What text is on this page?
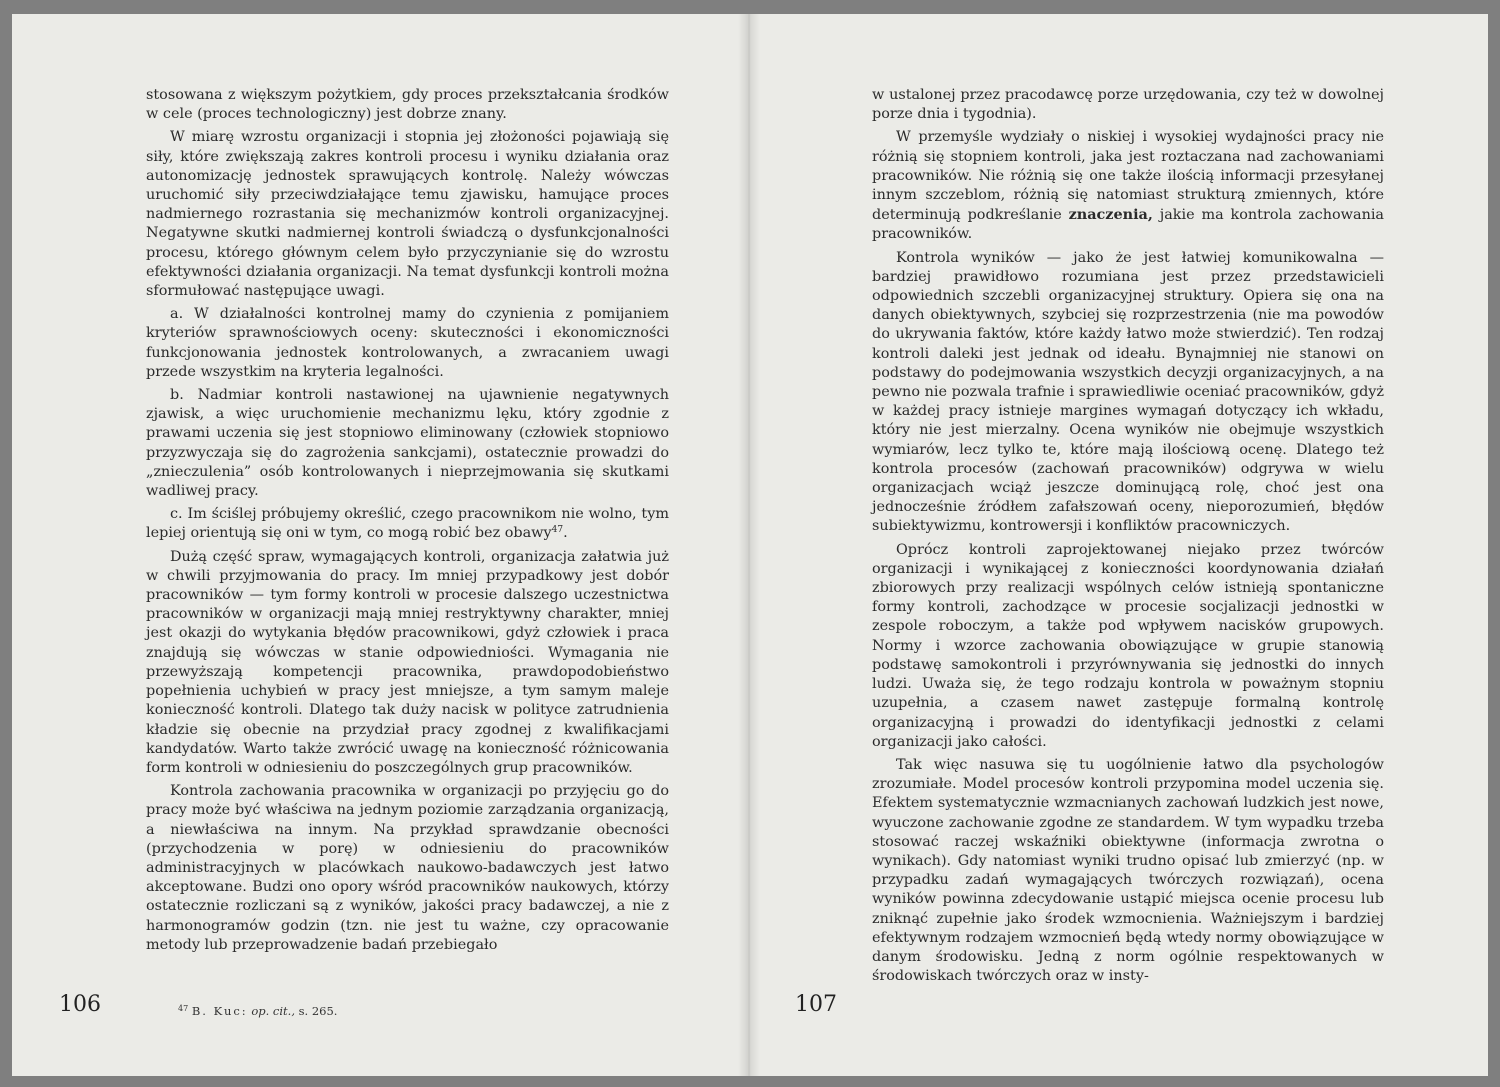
stosowana z większym pożytkiem, gdy proces przekształcania środków w cele (proces technologiczny) jest dobrze znany.

W miarę wzrostu organizacji i stopnia jej złożoności pojawiają się siły, które zwiększają zakres kontroli procesu i wyniku działania oraz autonomizację jednostek sprawujących kontrolę. Należy wówczas uruchomić siły przeciwdziałające temu zjawisku, hamujące proces nadmiernego rozrastania się mechanizmów kontroli organizacyjnej. Negatywne skutki nadmiernej kontroli świadczą o dysfunkcjonalności procesu, którego głównym celem było przyczynianie się do wzrostu efektywności działania organizacji. Na temat dysfunkcji kontroli można sformułować następujące uwagi.

a. W działalności kontrolnej mamy do czynienia z pomijaniem kryteriów sprawnościowych oceny: skuteczności i ekonomiczności funkcjonowania jednostek kontrolowanych, a zwracaniem uwagi przede wszystkim na kryteria legalności.

b. Nadmiar kontroli nastawionej na ujawnienie negatywnych zjawisk, a więc uruchomienie mechanizmu lęku, który zgodnie z prawami uczenia się jest stopniowo eliminowany (człowiek stopniowo przyzwyczaja się do zagrożenia sankcjami), ostatecznie prowadzi do „znieczulenia” osób kontrolowanych i nieprzejmowania się skutkami wadliwej pracy.

c. Im ściślej próbujemy określić, czego pracownikom nie wolno, tym lepiej orientują się oni w tym, co mogą robić bez obawy$^{47}$.

Dużą część spraw, wymagających kontroli, organizacja załatwia już w chwili przyjmowania do pracy. Im mniej przypadkowy jest dobór pracowników — tym formy kontroli w procesie dalszego uczestnictwa pracowników w organizacji mają mniej restryktywny charakter, mniej jest okazji do wytykania błędów pracownikowi, gdyż człowiek i praca znajdują się wówczas w stanie odpowiedniości. Wymagania nie przewyższają kompetencji pracownika, prawdopodobieństwo popełnienia uchybień w pracy jest mniejsze, a tym samym maleje konieczność kontroli. Dlatego tak duży nacisk w polityce zatrudnienia kładzie się obecnie na przydział pracy zgodnej z kwalifikacjami kandydatów. Warto także zwrócić uwagę na konieczność różnicowania form kontroli w odniesieniu do poszczególnych grup pracowników.

Kontrola zachowania pracownika w organizacji po przyjęciu go do pracy może być właściwa na jednym poziomie zarządzania organizacją, a niewłaściwa na innym. Na przykład sprawdzanie obecności (przychodzenia w porę) w odniesieniu do pracowników administracyjnych w placówkach naukowo-badawczych jest łatwo akceptowane. Budzi ono opory wśród pracowników naukowych, którzy ostatecznie rozliczani są z wyników, jakości pracy badawczej, a nie z harmonogramów godzin (tzn. nie jest tu ważne, czy opracowanie metody lub przeprowadzenie badań przebiegało

106	$^{47}$ B. Kuc: op. cit., s. 265.

w ustalonej przez pracodawcę porze urzędowania, czy też w dowolnej porze dnia i tygodnia).

W przemyśle wydziały o niskiej i wysokiej wydajności pracy nie różnią się stopniem kontroli, jaka jest roztaczana nad zachowaniami pracowników. Nie różnią się one także ilością informacji przesyłanej innym szczeblom, różnią się natomiast strukturą zmiennych, które determinują podkreślanie znaczenia, jakie ma kontrola zachowania pracowników.

Kontrola wyników — jako że jest łatwiej komunikowalna — bardziej prawidłowo rozumiana jest przez przedstawicieli odpowiednich szczebli organizacyjnej struktury. Opiera się ona na danych obiektywnych, szybciej się rozprzestrzenia (nie ma powodów do ukrywania faktów, które każdy łatwo może stwierdzić). Ten rodzaj kontroli daleki jest jednak od ideału. Bynajmniej nie stanowi on podstawy do podejmowania wszystkich decyzji organizacyjnych, a na pewno nie pozwala trafnie i sprawiedliwie oceniać pracowników, gdyż w każdej pracy istnieje margines wymagań dotyczący ich wkładu, który nie jest mierzalny. Ocena wyników nie obejmuje wszystkich wymiarów, lecz tylko te, które mają ilościową ocenę. Dlatego też kontrola procesów (zachowań pracowników) odgrywa w wielu organizacjach wciąż jeszcze dominującą rolę, choć jest ona jednocześnie źródłem zafałszowań oceny, nieporozumień, błędów subiektywizmu, kontrowersji i konfliktów pracowniczych.

Oprócz kontroli zaprojektowanej niejako przez twórców organizacji i wynikającej z konieczności koordynowania działań zbiorowych przy realizacji wspólnych celów istnieją spontaniczne formy kontroli, zachodzące w procesie socjalizacji jednostki w zespole roboczym, a także pod wpływem nacisków grupowych. Normy i wzorce zachowania obowiązujące w grupie stanowią podstawę samokontroli i przyrównywania się jednostki do innych ludzi. Uważa się, że tego rodzaju kontrola w poważnym stopniu uzupełnia, a czasem nawet zastępuje formalną kontrolę organizacyjną i prowadzi do identyfikacji jednostki z celami organizacji jako całości.

Tak więc nasuwa się tu uogólnienie łatwo dla psychologów zrozumiałe. Model procesów kontroli przypomina model uczenia się. Efektem systematycznie wzmacnianych zachowań ludzkich jest nowe, wyuczone zachowanie zgodne ze standardem. W tym wypadku trzeba stosować raczej wskaźniki obiektywne (informacja zwrotna o wynikach). Gdy natomiast wyniki trudno opisać lub zmierzyć (np. w przypadku zadań wymagających twórczych rozwiązań), ocena wyników powinna zdecydowanie ustąpić miejsca ocenie procesu lub zniknąć zupełnie jako środek wzmocnienia. Ważniejszym i bardziej efektywnym rodzajem wzmocnień będą wtedy normy obowiązujące w danym środowisku. Jedną z norm ogólnie respektowanych w środowiskach twórczych oraz w insty-

107
